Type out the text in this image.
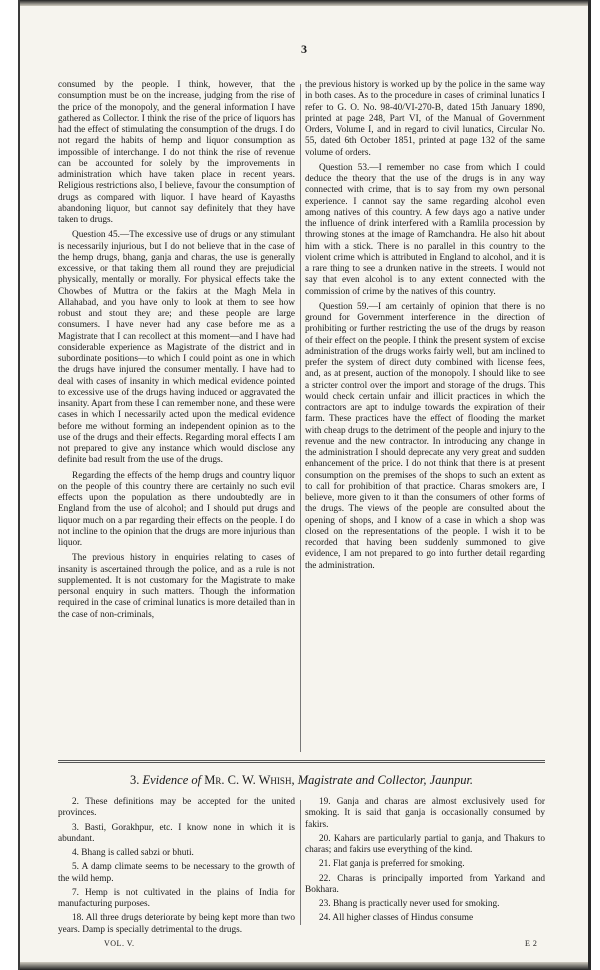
3

consumed by the people. I think, however, that the consumption must be on the increase, judging from the rise of the price of the monopoly, and the general information I have gathered as Collector. I think the rise of the price of liquors has had the effect of stimulating the consumption of the drugs. I do not regard the habits of hemp and liquor consumption as impossible of interchange. I do not think the rise of revenue can be accounted for solely by the improvements in administration which have taken place in recent years. Religious restrictions also, I believe, favour the consumption of drugs as compared with liquor. I have heard of Kayasths abandoning liquor, but cannot say definitely that they have taken to drugs.

Question 45.—The excessive use of drugs or any stimulant is necessarily injurious, but I do not believe that in the case of the hemp drugs, bhang, ganja and charas, the use is generally excessive, or that taking them all round they are prejudicial physically, mentally or morally. For physical effects take the Chowbes of Muttra or the fakirs at the Magh Mela in Allahabad, and you have only to look at them to see how robust and stout they are; and these people are large consumers. I have never had any case before me as a Magistrate that I can recollect at this moment—and I have had considerable experience as Magistrate of the district and in subordinate positions—to which I could point as one in which the drugs have injured the consumer mentally. I have had to deal with cases of insanity in which medical evidence pointed to excessive use of the drugs having induced or aggravated the insanity. Apart from these I can remember none, and these were cases in which I necessarily acted upon the medical evidence before me without forming an independent opinion as to the use of the drugs and their effects. Regarding moral effects I am not prepared to give any instance which would disclose any definite bad result from the use of the drugs.

Regarding the effects of the hemp drugs and country liquor on the people of this country there are certainly no such evil effects upon the population as there undoubtedly are in England from the use of alcohol; and I should put drugs and liquor much on a par regarding their effects on the people. I do not incline to the opinion that the drugs are more injurious than liquor.

The previous history in enquiries relating to cases of insanity is ascertained through the police, and as a rule is not supplemented. It is not customary for the Magistrate to make personal enquiry in such matters. Though the information required in the case of criminal lunatics is more detailed than in the case of non-criminals,

the previous history is worked up by the police in the same way in both cases. As to the procedure in cases of criminal lunatics I refer to G. O. No. 98-40/VI-270-B, dated 15th January 1890, printed at page 248, Part VI, of the Manual of Government Orders, Volume I, and in regard to civil lunatics, Circular No. 55, dated 6th October 1851, printed at page 132 of the same volume of orders.

Question 53.—I remember no case from which I could deduce the theory that the use of the drugs is in any way connected with crime, that is to say from my own personal experience. I cannot say the same regarding alcohol even among natives of this country. A few days ago a native under the influence of drink interfered with a Ramlila procession by throwing stones at the image of Ramchandra. He also hit about him with a stick. There is no parallel in this country to the violent crime which is attributed in England to alcohol, and it is a rare thing to see a drunken native in the streets. I would not say that even alcohol is to any extent connected with the commission of crime by the natives of this country.

Question 59.—I am certainly of opinion that there is no ground for Government interference in the direction of prohibiting or further restricting the use of the drugs by reason of their effect on the people. I think the present system of excise administration of the drugs works fairly well, but am inclined to prefer the system of direct duty combined with license fees, and, as at present, auction of the monopoly. I should like to see a stricter control over the import and storage of the drugs. This would check certain unfair and illicit practices in which the contractors are apt to indulge towards the expiration of their farm. These practices have the effect of flooding the market with cheap drugs to the detriment of the people and injury to the revenue and the new contractor. In introducing any change in the administration I should deprecate any very great and sudden enhancement of the price. I do not think that there is at present consumption on the premises of the shops to such an extent as to call for prohibition of that practice. Charas smokers are, I believe, more given to it than the consumers of other forms of the drugs. The views of the people are consulted about the opening of shops, and I know of a case in which a shop was closed on the representations of the people. I wish it to be recorded that having been suddenly summoned to give evidence, I am not prepared to go into further detail regarding the administration.

3. Evidence of Mr. C. W. Whish, Magistrate and Collector, Jaunpur.

2. These definitions may be accepted for the united provinces.

3. Basti, Gorakhpur, etc. I know none in which it is abundant.

4. Bhang is called sabzi or bhuti.

5. A damp climate seems to be necessary to the growth of the wild hemp.

7. Hemp is not cultivated in the plains of India for manufacturing purposes.

18. All three drugs deteriorate by being kept more than two years. Damp is specially detrimental to the drugs.

19. Ganja and charas are almost exclusively used for smoking. It is said that ganja is occasionally consumed by fakirs.

20. Kahars are particularly partial to ganja, and Thakurs to charas; and fakirs use everything of the kind.

21. Flat ganja is preferred for smoking.

22. Charas is principally imported from Yarkand and Bokhara.

23. Bhang is practically never used for smoking.

24. All higher classes of Hindus consume

VOL. V.	E 2
